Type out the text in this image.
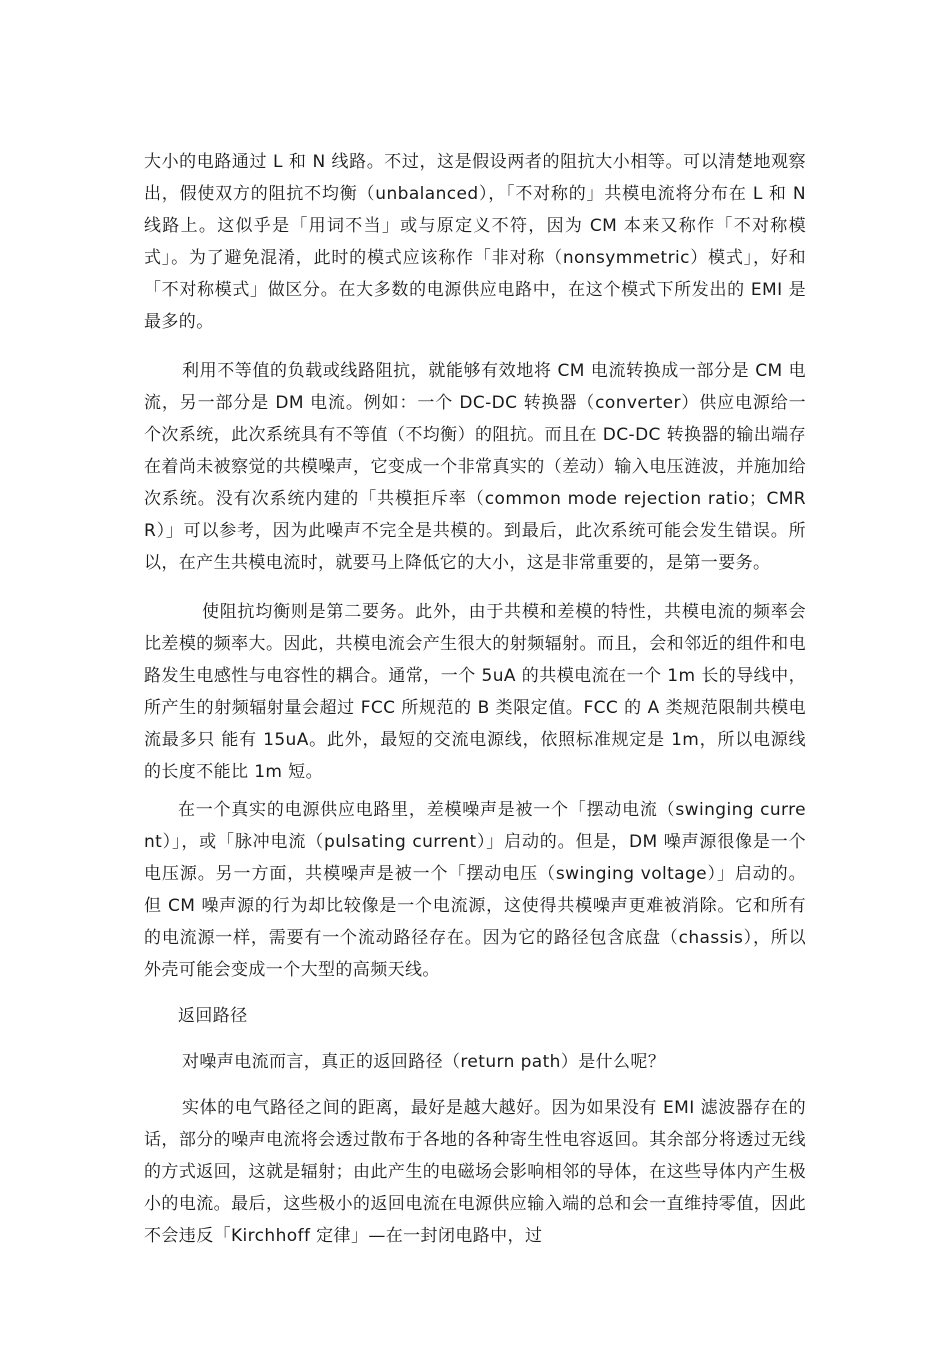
大小的电路通过 L 和 N 线路。不过，这是假设两者的阻抗大小相等。可以清楚地观察出，假使双方的阻抗不均衡（unbalanced），「不对称的」共模电流将分布在 L 和 N 线路上。这似乎是「用词不当」或与原定义不符，因为 CM 本来又称作「不对称模式」。为了避免混淆，此时的模式应该称作「非对称（nonsymmetric）模式」，好和「不对称模式」做区分。在大多数的电源供应电路中，在这个模式下所发出的 EMI 是最多的。

利用不等值的负载或线路阻抗，就能够有效地将 CM 电流转换成一部分是 CM 电流，另一部分是 DM 电流。例如：一个 DC-DC 转换器（converter）供应电源给一个次系统，此次系统具有不等值（不均衡）的阻抗。而且在 DC-DC 转换器的输出端存在着尚未被察觉的共模噪声，它变成一个非常真实的（差动）输入电压涟波，并施加给次系统。没有次系统内建的「共模拒斥率（common mode rejection ratio；CMRR）」可以参考，因为此噪声不完全是共模的。到最后，此次系统可能会发生错误。所以，在产生共模电流时，就要马上降低它的大小，这是非常重要的，是第一要务。

使阻抗均衡则是第二要务。此外，由于共模和差模的特性，共模电流的频率会比差模的频率大。因此，共模电流会产生很大的射频辐射。而且，会和邻近的组件和电路发生电感性与电容性的耦合。通常，一个 5uA 的共模电流在一个 1m 长的导线中，所产生的射频辐射量会超过 FCC 所规范的 B 类限定值。FCC 的 A 类规范限制共模电流最多只 能有 15uA。此外，最短的交流电源线，依照标准规定是 1m，所以电源线的长度不能比 1m 短。

在一个真实的电源供应电路里，差模噪声是被一个「摆动电流（swinging current）」，或「脉冲电流（pulsating current）」启动的。但是，DM 噪声源很像是一个电压源。另一方面，共模噪声是被一个「摆动电压（swinging voltage）」启动的。但 CM 噪声源的行为却比较像是一个电流源，这使得共模噪声更难被消除。它和所有的电流源一样，需要有一个流动路径存在。因为它的路径包含底盘（chassis），所以外壳可能会变成一个大型的高频天线。

返回路径

对噪声电流而言，真正的返回路径（return path）是什么呢？

实体的电气路径之间的距离，最好是越大越好。因为如果没有 EMI 滤波器存在的话，部分的噪声电流将会透过散布于各地的各种寄生性电容返回。其余部分将透过无线的方式返回，这就是辐射；由此产生的电磁场会影响相邻的导体，在这些导体内产生极小的电流。最后，这些极小的返回电流在电源供应输入端的总和会一直维持零值，因此不会违反「Kirchhoff 定律」—在一封闭电路中，过
